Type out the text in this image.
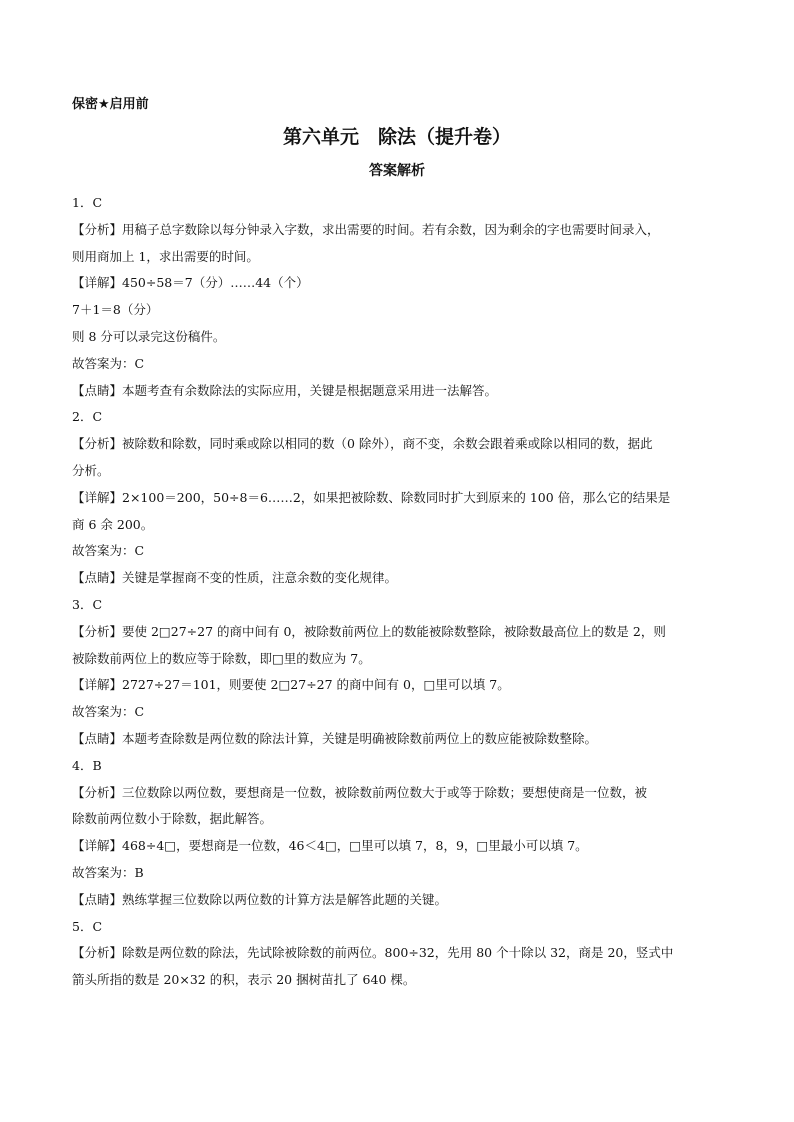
保密★启用前
第六单元　除法（提升卷）
答案解析
1．C
【分析】用稿子总字数除以每分钟录入字数，求出需要的时间。若有余数，因为剩余的字也需要时间录入，
则用商加上 1，求出需要的时间。
【详解】450÷58＝7（分）……44（个）
7＋1＝8（分）
则 8 分可以录完这份稿件。
故答案为：C
【点睛】本题考查有余数除法的实际应用，关键是根据题意采用进一法解答。
2．C
【分析】被除数和除数，同时乘或除以相同的数（0 除外），商不变，余数会跟着乘或除以相同的数，据此
分析。
【详解】2×100＝200，50÷8＝6……2，如果把被除数、除数同时扩大到原来的 100 倍，那么它的结果是
商 6 余 200。
故答案为：C
【点睛】关键是掌握商不变的性质，注意余数的变化规律。
3．C
【分析】要使 2□27÷27 的商中间有 0，被除数前两位上的数能被除数整除，被除数最高位上的数是 2，则
被除数前两位上的数应等于除数，即□里的数应为 7。
【详解】2727÷27＝101，则要使 2□27÷27 的商中间有 0，□里可以填 7。
故答案为：C
【点睛】本题考查除数是两位数的除法计算，关键是明确被除数前两位上的数应能被除数整除。
4．B
【分析】三位数除以两位数，要想商是一位数，被除数前两位数大于或等于除数；要想使商是一位数，被
除数前两位数小于除数，据此解答。
【详解】468÷4□，要想商是一位数，46＜4□，□里可以填 7，8，9，□里最小可以填 7。
故答案为：B
【点睛】熟练掌握三位数除以两位数的计算方法是解答此题的关键。
5．C
【分析】除数是两位数的除法，先试除被除数的前两位。800÷32，先用 80 个十除以 32，商是 20，竖式中
箭头所指的数是 20×32 的积，表示 20 捆树苗扎了 640 棵。
